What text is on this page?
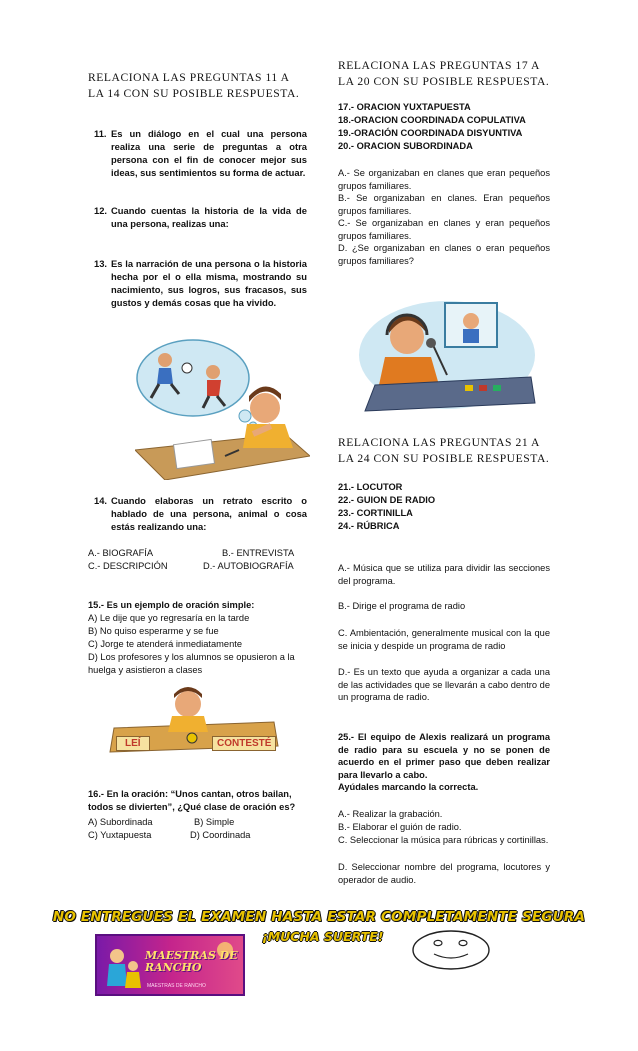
RELACIONA LAS PREGUNTAS 11 A LA 14 CON SU POSIBLE RESPUESTA.
11. Es un diálogo en el cual una persona realiza una serie de preguntas a otra persona con el fin de conocer mejor sus ideas, sus sentimientos su forma de actuar.
12. Cuando cuentas la historia de la vida de una persona, realizas una:
13. Es la narración de una persona o la historia hecha por el o ella misma, mostrando su nacimiento, sus logros, sus fracasos, sus gustos y demás cosas que ha vivido.
14. Cuando elaboras un retrato escrito o hablado de una persona, animal o cosa estás realizando una:
A.- BIOGRAFÍA	B.- ENTREVISTA
C.- DESCRIPCIÓN	D.- AUTOBIOGRAFÍA
15.- Es un ejemplo de oración simple:
A) Le dije que yo regresaría en la tarde
B) No quiso esperarme y se fue
C) Jorge te atenderá inmediatamente
D) Los profesores y los alumnos se opusieron a la huelga y asistieron a clases
LEÍ	CONTESTÉ
16.- En la oración: “Unos cantan, otros bailan, todos se divierten”, ¿Qué clase de oración es?
A) Subordinada	B) Simple
C) Yuxtapuesta	D) Coordinada
RELACIONA LAS PREGUNTAS 17 A LA 20 CON SU POSIBLE RESPUESTA.
17.- ORACION YUXTAPUESTA
18.-ORACION COORDINADA COPULATIVA
19.-ORACIÓN COORDINADA DISYUNTIVA
20.- ORACION SUBORDINADA
A.- Se organizaban en clanes que eran pequeños grupos familiares.
B.- Se organizaban en clanes. Eran pequeños grupos familiares.
C.- Se organizaban en clanes y eran pequeños grupos familiares.
D. ¿Se organizaban en clanes o eran pequeños grupos familiares?
RELACIONA LAS PREGUNTAS 21 A LA 24 CON SU POSIBLE RESPUESTA.
21.- LOCUTOR
22.- GUION DE RADIO
23.- CORTINILLA
24.- RÚBRICA
A.- Música que se utiliza para dividir las secciones del programa.
B.- Dirige el programa de radio
C. Ambientación, generalmente musical con la que se inicia y despide un programa de radio
D.- Es un texto que ayuda a organizar a cada una de las actividades que se llevarán a cabo dentro de un programa de radio.
25.- El equipo de Alexis realizará un programa de radio para su escuela y no se ponen de acuerdo en el primer paso que deben realizar para llevarlo a cabo.
Ayúdales marcando la correcta.
A.- Realizar la grabación.
B.- Elaborar el guión de radio.
C. Seleccionar la música para rúbricas y cortinillas.
D. Seleccionar nombre del programa, locutores y operador de audio.
NO ENTREGUES EL EXAMEN HASTA ESTAR COMPLETAMENTE SEGURA
¡MUCHA SUERTE!
MAESTRAS DE RANCHO
MAESTRAS DE RANCHO
